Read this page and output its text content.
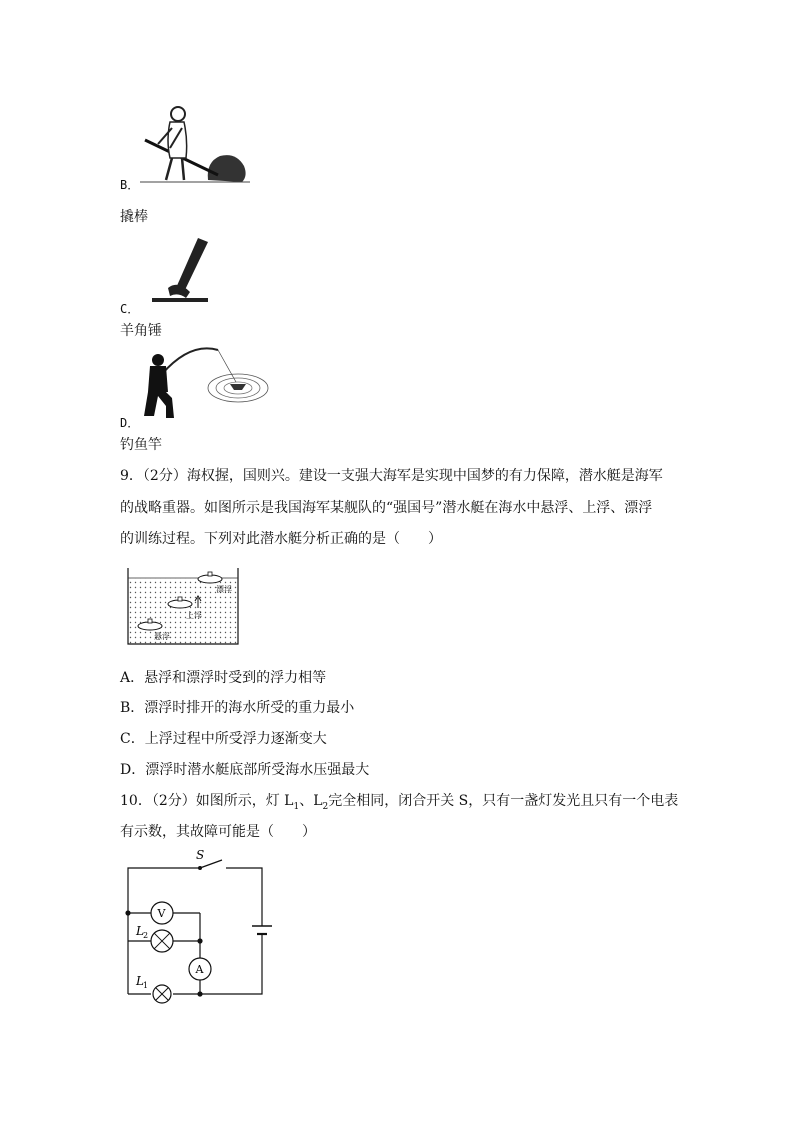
B．
撬棒
C．
羊角锤
D．
钓鱼竿
9．（2分）海权握，国则兴。建设一支强大海军是实现中国梦的有力保障，潜水艇是海军
的战略重器。如图所示是我国海军某舰队的“强国号”潜水艇在海水中悬浮、上浮、漂浮
的训练过程。下列对此潜水艇分析正确的是（　　）
漂浮
上浮
悬浮
A．悬浮和漂浮时受到的浮力相等
B．漂浮时排开的海水所受的重力最小
C．上浮过程中所受浮力逐渐变大
D．漂浮时潜水艇底部所受海水压强最大
10．（2分）如图所示，灯 $L_1$、$L_2$完全相同，闭合开关 S，只有一盏灯发光且只有一个电表
有示数，其故障可能是（　　）
S
V
L 2
A
L 1
